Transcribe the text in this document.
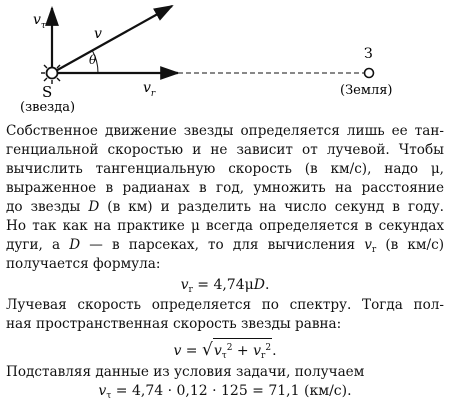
$v_\tau$	v
θ
$v_r$
S
(звезда)
З
(Земля)
Собственное движение звезды определяется лишь ее тан-
генциальной скоростью и не зависит от лучевой. Чтобы
вычислить тангенциальную скорость (в км/с), надо μ,
выраженное в радианах в год, умножить на расстояние
до звезды D (в км) и разделить на число секунд в году.
Но так как на практике μ всегда определяется в секундах
дуги, а D — в парсеках, то для вычисления $v_r$ (в км/с)
получается формула:
$v_r = 4,74\mu D$.
Лучевая скорость определяется по спектру. Тогда пол-
ная пространственная скорость звезды равна:
$v = √v_\tau^2 + v_r^2$.
Подставляя данные из условия задачи, получаем
$v_\tau = 4,74 \cdot 0,12 \cdot 125 = 71,1$ (км/с).
